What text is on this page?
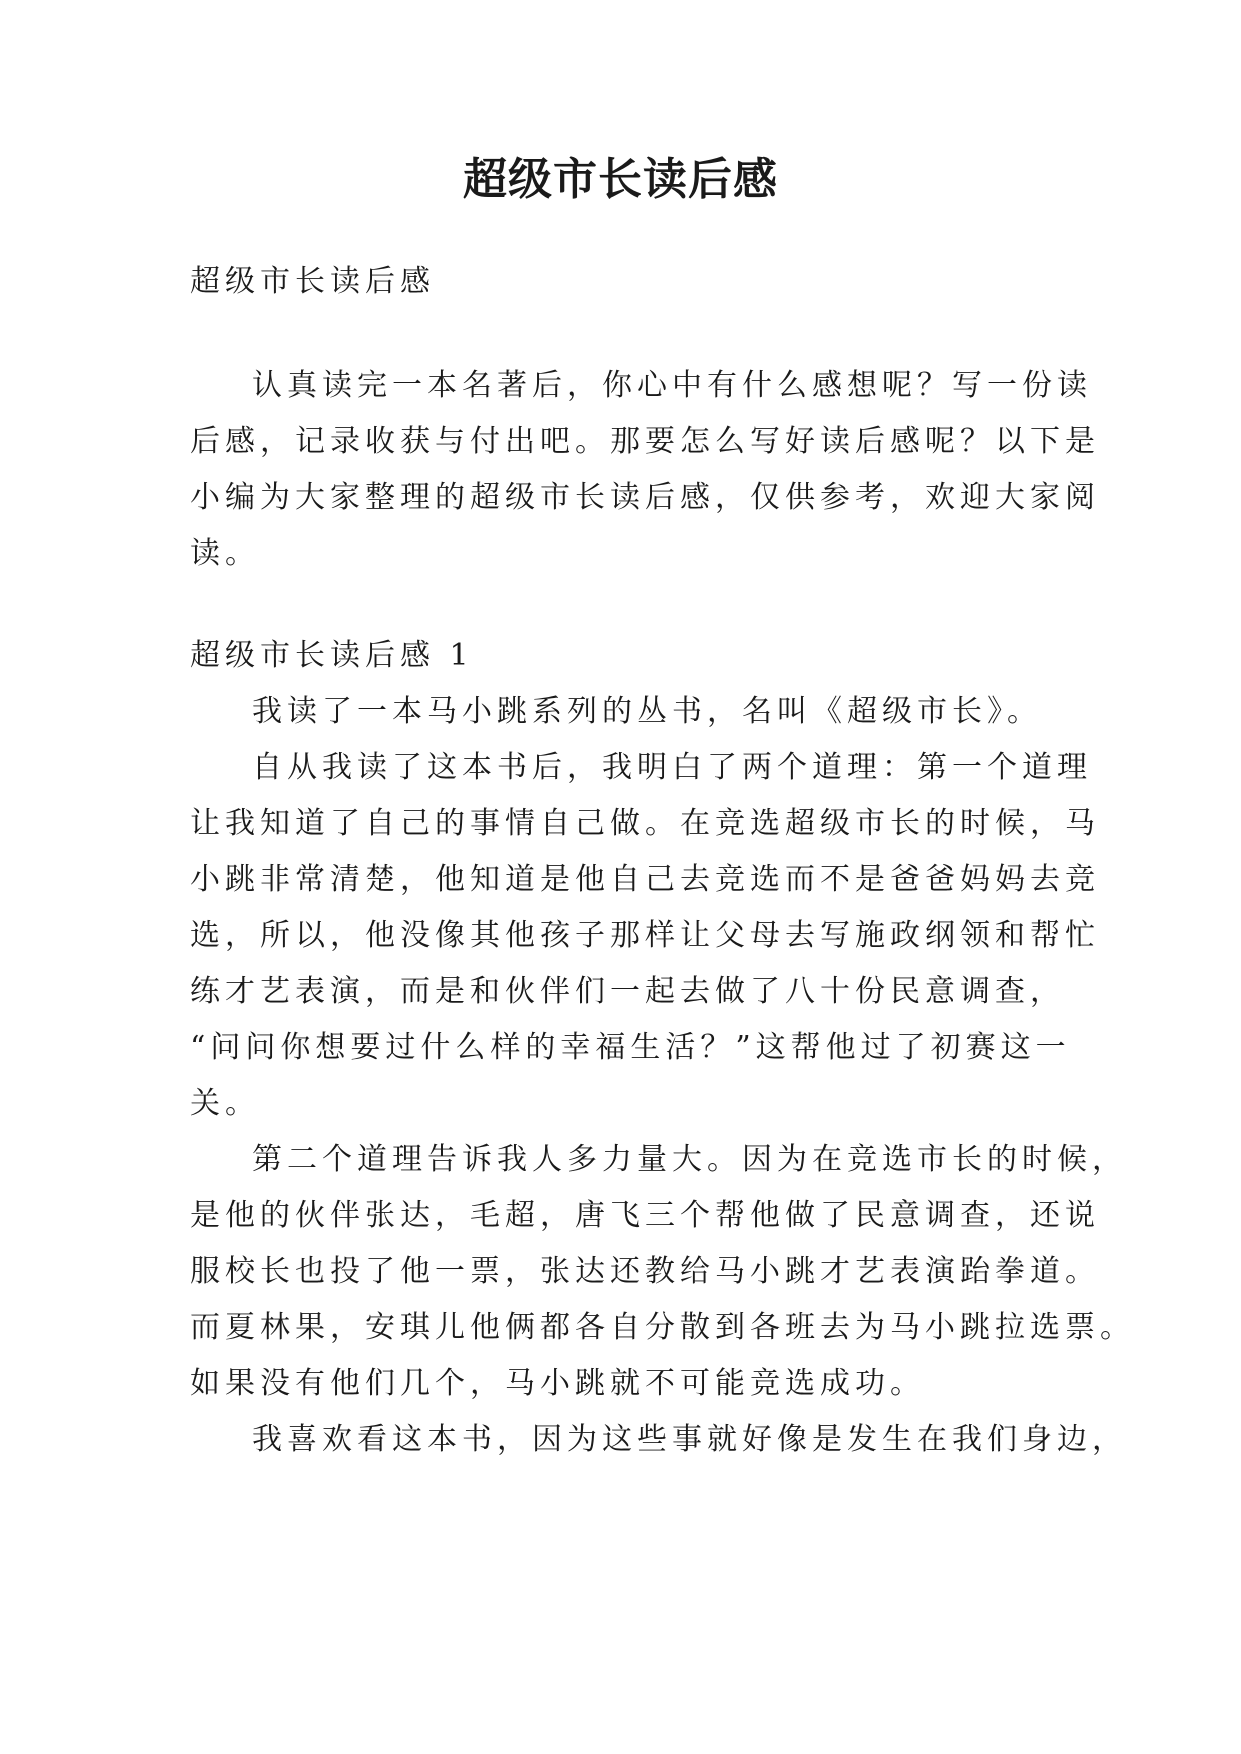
超级市长读后感
超级市长读后感
认真读完一本名著后，你心中有什么感想呢？写一份读
后感，记录收获与付出吧。那要怎么写好读后感呢？以下是
小编为大家整理的超级市长读后感，仅供参考，欢迎大家阅
读。
超级市长读后感 1
我读了一本马小跳系列的丛书，名叫《超级市长》。
自从我读了这本书后，我明白了两个道理：第一个道理
让我知道了自己的事情自己做。在竞选超级市长的时候，马
小跳非常清楚，他知道是他自己去竞选而不是爸爸妈妈去竞
选，所以，他没像其他孩子那样让父母去写施政纲领和帮忙
练才艺表演，而是和伙伴们一起去做了八十份民意调查，
“问问你想要过什么样的幸福生活？”这帮他过了初赛这一
关。
第二个道理告诉我人多力量大。因为在竞选市长的时候，
是他的伙伴张达，毛超，唐飞三个帮他做了民意调查，还说
服校长也投了他一票，张达还教给马小跳才艺表演跆拳道。
而夏林果，安琪儿他俩都各自分散到各班去为马小跳拉选票。
如果没有他们几个，马小跳就不可能竞选成功。
我喜欢看这本书，因为这些事就好像是发生在我们身边，
